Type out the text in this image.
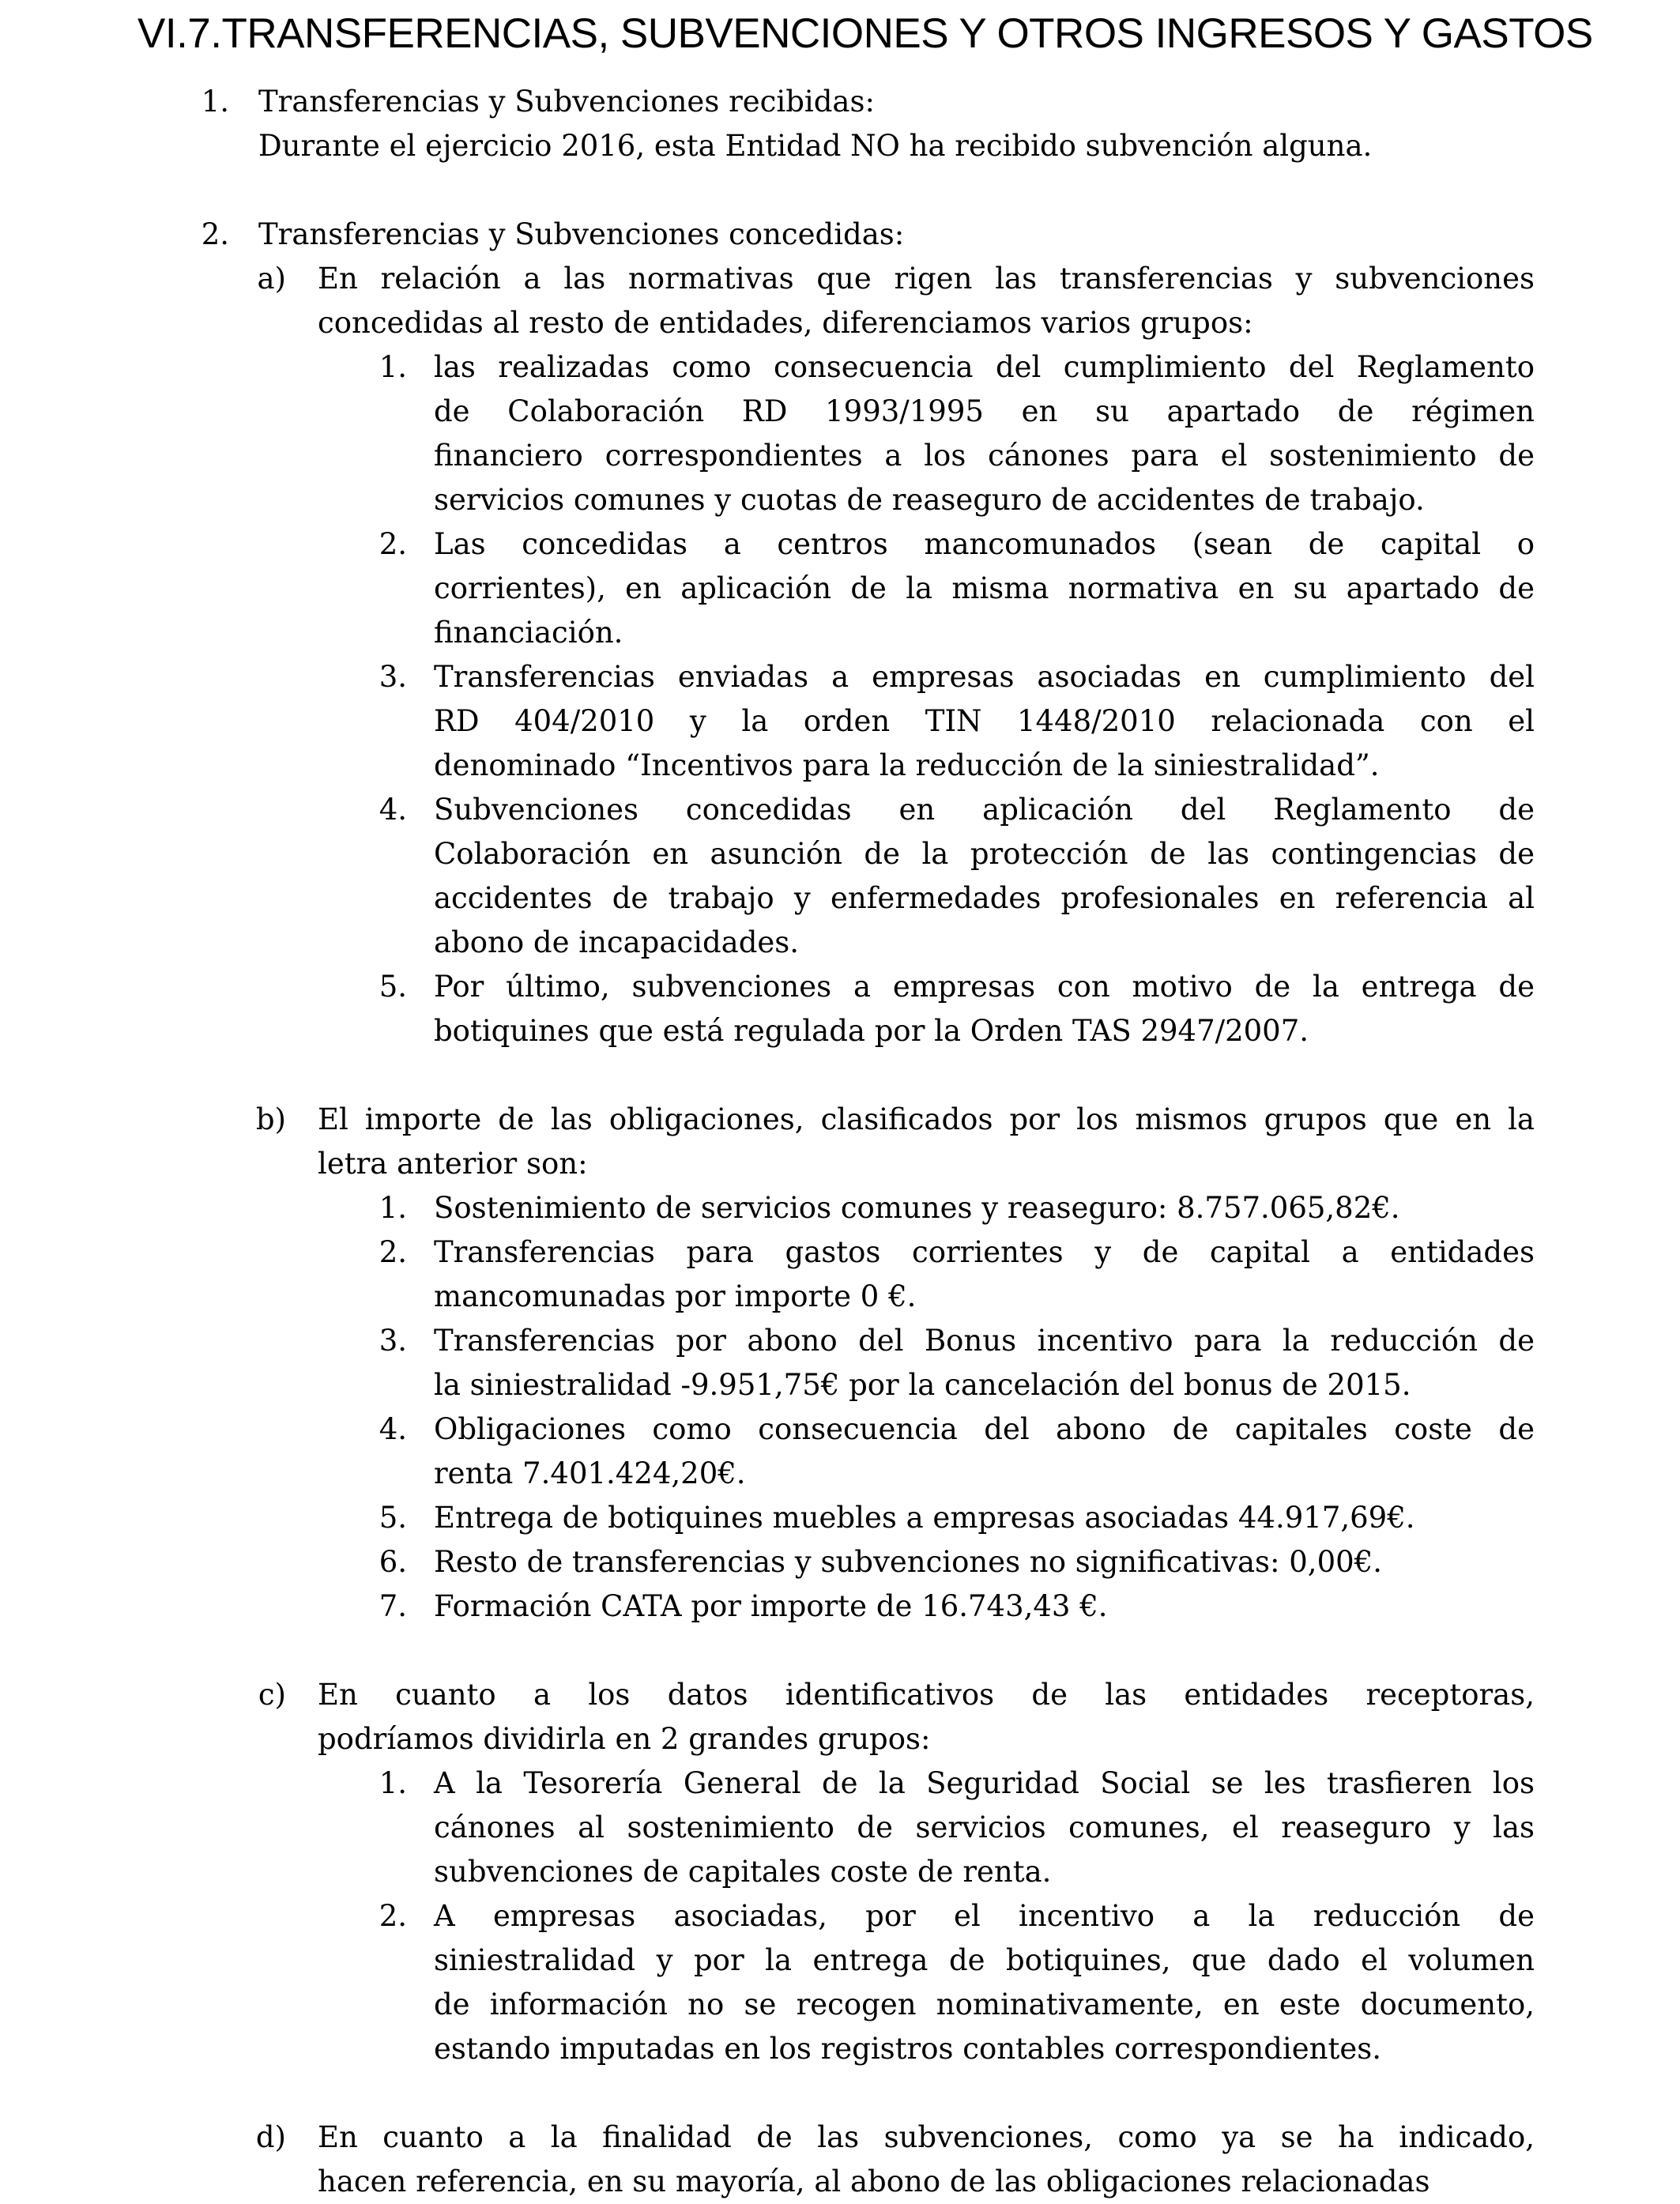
VI.7.TRANSFERENCIAS, SUBVENCIONES Y OTROS INGRESOS Y GASTOS
1. Transferencias y Subvenciones recibidas:
Durante el ejercicio 2016, esta Entidad NO ha recibido subvención alguna.
2. Transferencias y Subvenciones concedidas:
a) En relación a las normativas que rigen las transferencias y subvenciones
concedidas al resto de entidades, diferenciamos varios grupos:
1. las realizadas como consecuencia del cumplimiento del Reglamento
de Colaboración RD 1993/1995 en su apartado de régimen
financiero correspondientes a los cánones para el sostenimiento de
servicios comunes y cuotas de reaseguro de accidentes de trabajo.
2. Las concedidas a centros mancomunados (sean de capital o
corrientes), en aplicación de la misma normativa en su apartado de
financiación.
3. Transferencias enviadas a empresas asociadas en cumplimiento del
RD 404/2010 y la orden TIN 1448/2010 relacionada con el
denominado “Incentivos para la reducción de la siniestralidad”.
4. Subvenciones concedidas en aplicación del Reglamento de
Colaboración en asunción de la protección de las contingencias de
accidentes de trabajo y enfermedades profesionales en referencia al
abono de incapacidades.
5. Por último, subvenciones a empresas con motivo de la entrega de
botiquines que está regulada por la Orden TAS 2947/2007.
b) El importe de las obligaciones, clasificados por los mismos grupos que en la
letra anterior son:
1. Sostenimiento de servicios comunes y reaseguro: 8.757.065,82€.
2. Transferencias para gastos corrientes y de capital a entidades
mancomunadas por importe 0 €.
3. Transferencias por abono del Bonus incentivo para la reducción de
la siniestralidad -9.951,75€ por la cancelación del bonus de 2015.
4. Obligaciones como consecuencia del abono de capitales coste de
renta 7.401.424,20€.
5. Entrega de botiquines muebles a empresas asociadas 44.917,69€.
6. Resto de transferencias y subvenciones no significativas: 0,00€.
7. Formación CATA por importe de 16.743,43 €.
c) En cuanto a los datos identificativos de las entidades receptoras,
podríamos dividirla en 2 grandes grupos:
1. A la Tesorería General de la Seguridad Social se les trasfieren los
cánones al sostenimiento de servicios comunes, el reaseguro y las
subvenciones de capitales coste de renta.
2. A empresas asociadas, por el incentivo a la reducción de
siniestralidad y por la entrega de botiquines, que dado el volumen
de información no se recogen nominativamente, en este documento,
estando imputadas en los registros contables correspondientes.
d) En cuanto a la finalidad de las subvenciones, como ya se ha indicado,
hacen referencia, en su mayoría, al abono de las obligaciones relacionadas
